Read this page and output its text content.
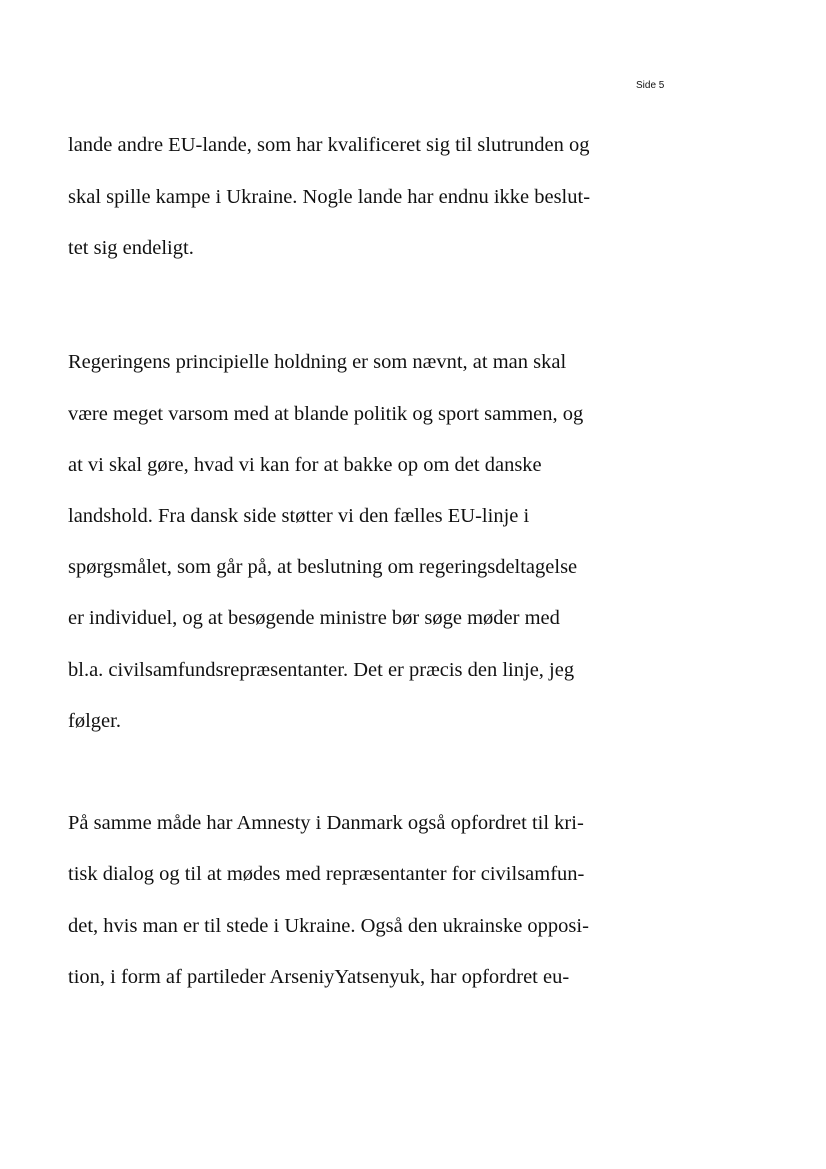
Side 5
lande andre EU-lande, som har kvalificeret sig til slutrunden og
skal spille kampe i Ukraine. Nogle lande har endnu ikke beslut-
tet sig endeligt.
Regeringens principielle holdning er som nævnt, at man skal
være meget varsom med at blande politik og sport sammen, og
at vi skal gøre, hvad vi kan for at bakke op om det danske
landshold. Fra dansk side støtter vi den fælles EU-linje i
spørgsmålet, som går på, at beslutning om regeringsdeltagelse
er individuel, og at besøgende ministre bør søge møder med
bl.a. civilsamfundsrepræsentanter. Det er præcis den linje, jeg
følger.
På samme måde har Amnesty i Danmark også opfordret til kri-
tisk dialog og til at mødes med repræsentanter for civilsamfun-
det, hvis man er til stede i Ukraine. Også den ukrainske opposi-
tion, i form af partileder ArseniyYatsenyuk, har opfordret eu-
